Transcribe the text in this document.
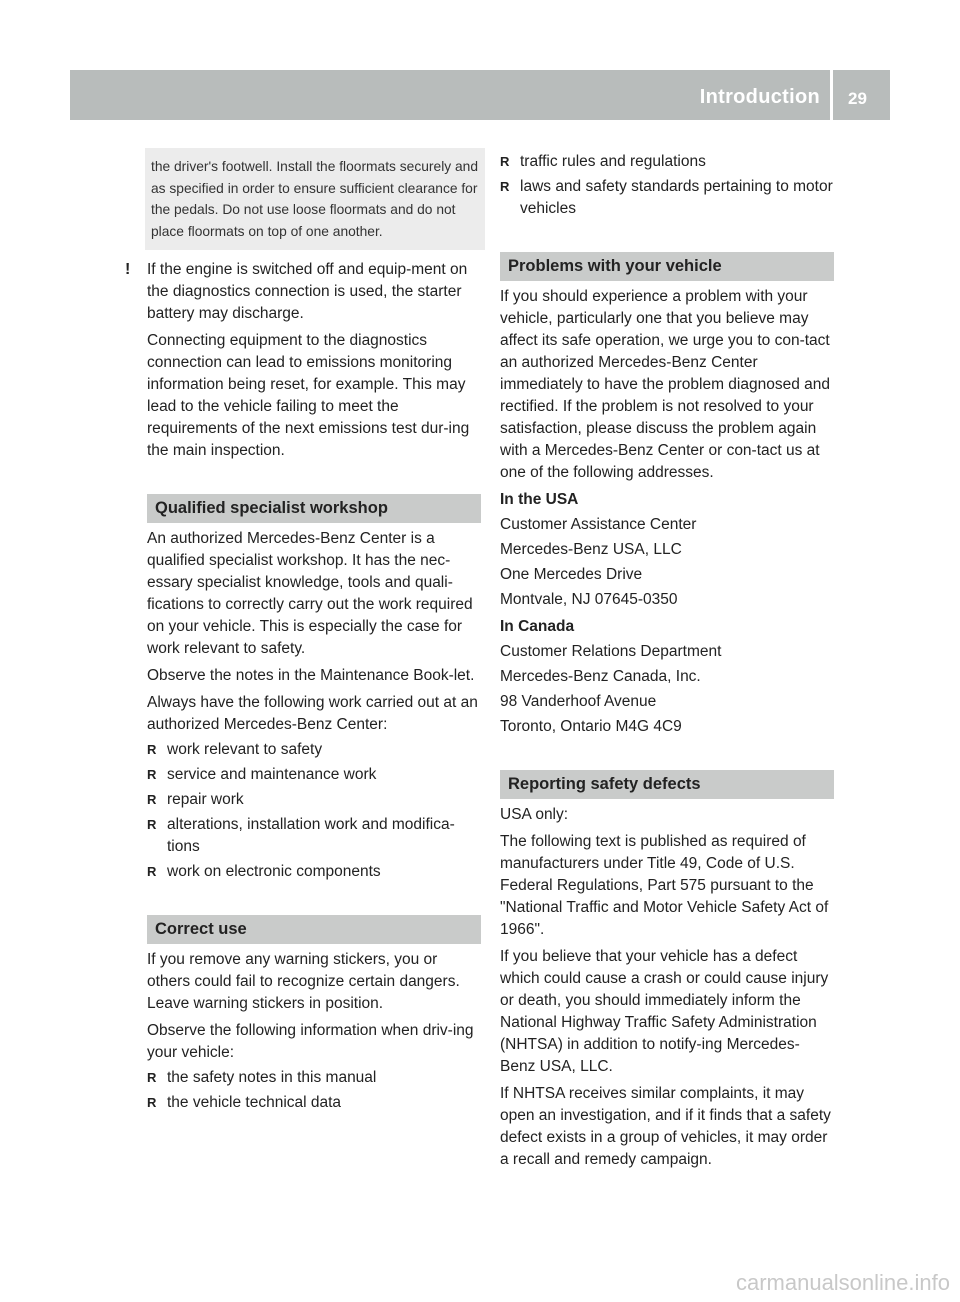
Introduction 29
the driver's footwell. Install the floormats securely and as specified in order to ensure sufficient clearance for the pedals. Do not use loose floormats and do not place floormats on top of one another.
! If the engine is switched off and equip-ment on the diagnostics connection is used, the starter battery may discharge.

Connecting equipment to the diagnostics connection can lead to emissions monitoring information being reset, for example. This may lead to the vehicle failing to meet the requirements of the next emissions test dur-ing the main inspection.

Qualified specialist workshop

An authorized Mercedes-Benz Center is a qualified specialist workshop. It has the nec-essary specialist knowledge, tools and quali-fications to correctly carry out the work required on your vehicle. This is especially the case for work relevant to safety.

Observe the notes in the Maintenance Book-let.

Always have the following work carried out at an authorized Mercedes-Benz Center:

R work relevant to safety
R service and maintenance work
R repair work
R alterations, installation work and modifica-tions
R work on electronic components
Correct use

If you remove any warning stickers, you or others could fail to recognize certain dangers. Leave warning stickers in position.

Observe the following information when driv-ing your vehicle:

R the safety notes in this manual
R the vehicle technical data
R traffic rules and regulations
R laws and safety standards pertaining to motor vehicles
Problems with your vehicle

If you should experience a problem with your vehicle, particularly one that you believe may affect its safe operation, we urge you to con-tact an authorized Mercedes-Benz Center immediately to have the problem diagnosed and rectified. If the problem is not resolved to your satisfaction, please discuss the problem again with a Mercedes-Benz Center or con-tact us at one of the following addresses.

In the USA

Customer Assistance Center

Mercedes-Benz USA, LLC

One Mercedes Drive

Montvale, NJ 07645-0350

In Canada

Customer Relations Department

Mercedes-Benz Canada, Inc.

98 Vanderhoof Avenue

Toronto, Ontario M4G 4C9

Reporting safety defects

USA only:

The following text is published as required of manufacturers under Title 49, Code of U.S. Federal Regulations, Part 575 pursuant to the "National Traffic and Motor Vehicle Safety Act of 1966".

If you believe that your vehicle has a defect which could cause a crash or could cause injury or death, you should immediately inform the National Highway Traffic Safety Administration (NHTSA) in addition to notify-ing Mercedes-Benz USA, LLC.

If NHTSA receives similar complaints, it may open an investigation, and if it finds that a safety defect exists in a group of vehicles, it may order a recall and remedy campaign.

carmanualsonline.info
